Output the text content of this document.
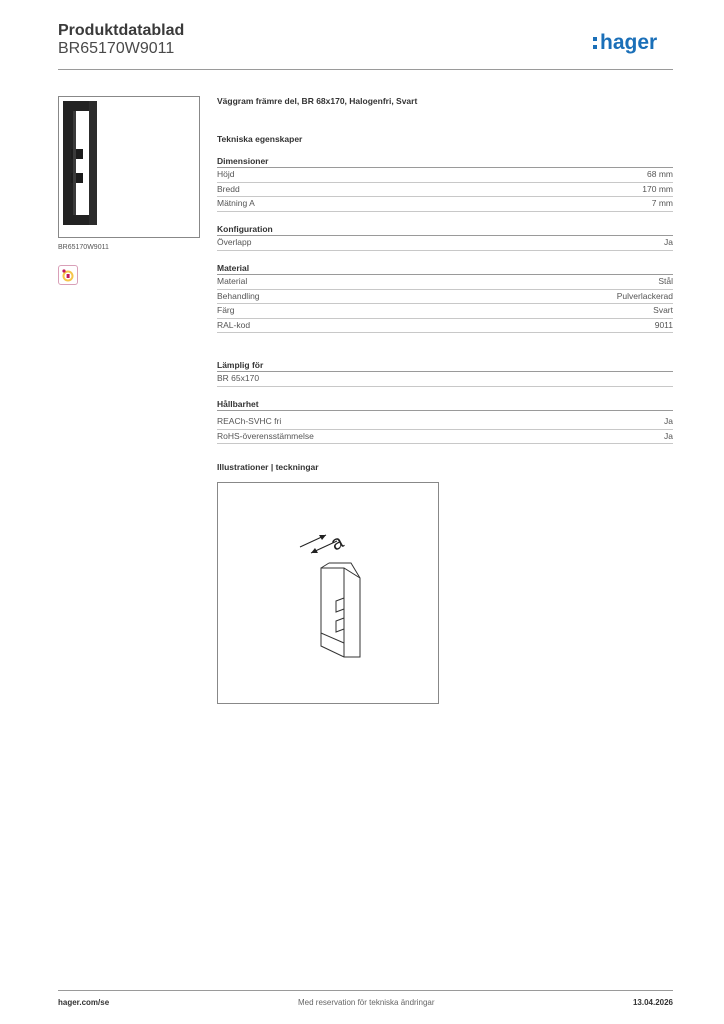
Produktdatablad
BR65170W9011	hager
BR65170W9011
Väggram främre del, BR 68x170, Halogenfri, Svart
Tekniska egenskaper
Dimensioner
Höjd	68 mm
Bredd	170 mm
Mätning A	7 mm
Konfiguration
Överlapp	Ja
Material
Material	Stål
Behandling	Pulverlackerad
Färg	Svart
RAL-kod	9011
Lämplig för
BR 65x170
Hållbarhet
REACh-SVHC fri	Ja
RoHS-överensstämmelse	Ja
Illustrationer | teckningar
a
hager.com/se	Med reservation för tekniska ändringar	13.04.2026
